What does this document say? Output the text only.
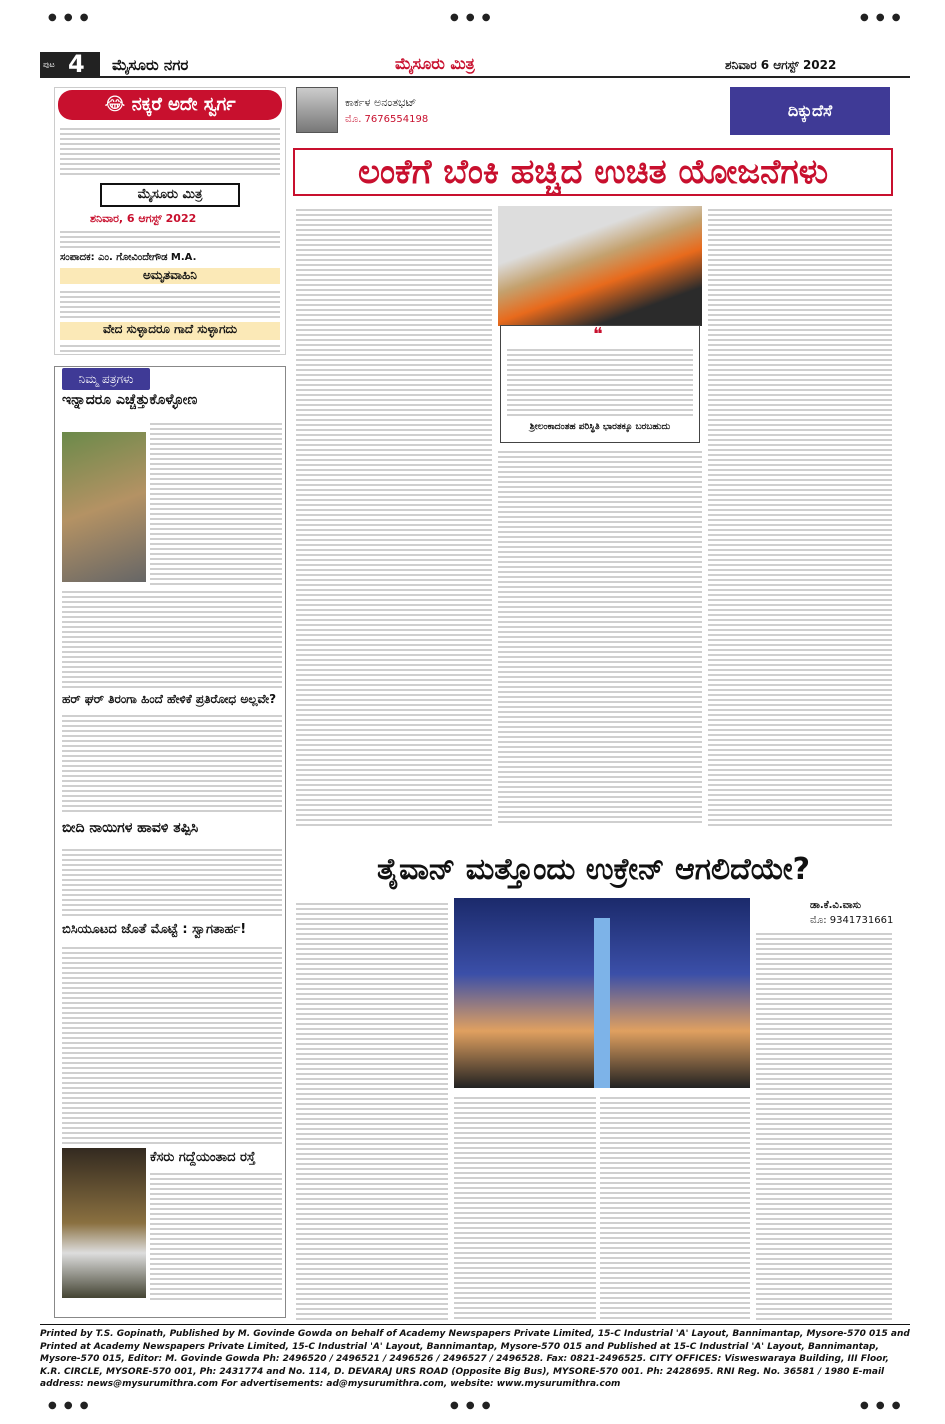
● ● ●	● ● ●	● ● ●
ಪುಟ 4 ಮೈಸೂರು ನಗರ	ಮೈಸೂರು ಮಿತ್ರ	ಶನಿವಾರ 6 ಆಗಸ್ಟ್ 2022
😂 ನಕ್ಕರೆ ಅದೇ ಸ್ವರ್ಗ
ಮೈಸೂರು ಮಿತ್ರ
ಶನಿವಾರ, 6 ಆಗಸ್ಟ್ 2022
ಸಂಪಾದಕ: ಎಂ. ಗೋವಿಂದೇಗೌಡ M.A.
ಅಮೃತವಾಹಿನಿ
ವೇದ ಸುಳ್ಳಾದರೂ ಗಾದೆ ಸುಳ್ಳಾಗದು
ನಿಮ್ಮ ಪತ್ರಗಳು
ಇನ್ನಾದರೂ ಎಚ್ಚೆತ್ತುಕೊಳ್ಳೋಣ
ಹರ್ ಘರ್ ತಿರಂಗಾ ಹಿಂದೆ ಹೇಳಿಕೆ ಪ್ರತಿರೋಧ ಅಲ್ಲವೇ?
ಬೀದಿ ನಾಯಿಗಳ ಹಾವಳಿ ತಪ್ಪಿಸಿ
ಬಿಸಿಯೂಟದ ಜೊತೆ ಮೊಟ್ಟೆ : ಸ್ವಾಗತಾರ್ಹ!
ಕೆಸರು ಗದ್ದೆಯಂತಾದ ರಸ್ತೆ
ಕಾರ್ಕಳ ಅನಂತಭಟ್
ಮೊ. 7676554198	ದಿಕ್ಕುದೆಸೆ
ಲಂಕೆಗೆ ಬೆಂಕಿ ಹಚ್ಚಿದ ಉಚಿತ ಯೋಜನೆಗಳು
❝
ಶ್ರೀಲಂಕಾದಂತಹ ಪರಿಸ್ಥಿತಿ ಭಾರತಕ್ಕೂ ಬರಬಹುದು
ತೈವಾನ್ ಮತ್ತೊಂದು ಉಕ್ರೇನ್ ಆಗಲಿದೆಯೇ?
ಡಾ.ಕೆ.ವಿ.ವಾಸು
ಮೊ: 9341731661
Printed by T.S. Gopinath, Published by M. Govinde Gowda on behalf of Academy Newspapers Private Limited, 15-C Industrial 'A' Layout, Bannimantap, Mysore-570 015 and Printed at Academy Newspapers Private Limited, 15-C Industrial 'A' Layout, Bannimantap, Mysore-570 015 and Published at 15-C Industrial 'A' Layout, Bannimantap, Mysore-570 015, Editor: M. Govinde Gowda Ph: 2496520 / 2496521 / 2496526 / 2496527 / 2496528. Fax: 0821-2496525. CITY OFFICES: Visweswaraya Building, III Floor, K.R. CIRCLE, MYSORE-570 001, Ph: 2431774 and No. 114, D. DEVARAJ URS ROAD (Opposite Big Bus), MYSORE-570 001. Ph: 2428695. RNI Reg. No. 36581 / 1980 E-mail address: news@mysurumithra.com For advertisements: ad@mysurumithra.com, website: www.mysurumithra.com
● ● ●	● ● ●	● ● ●
